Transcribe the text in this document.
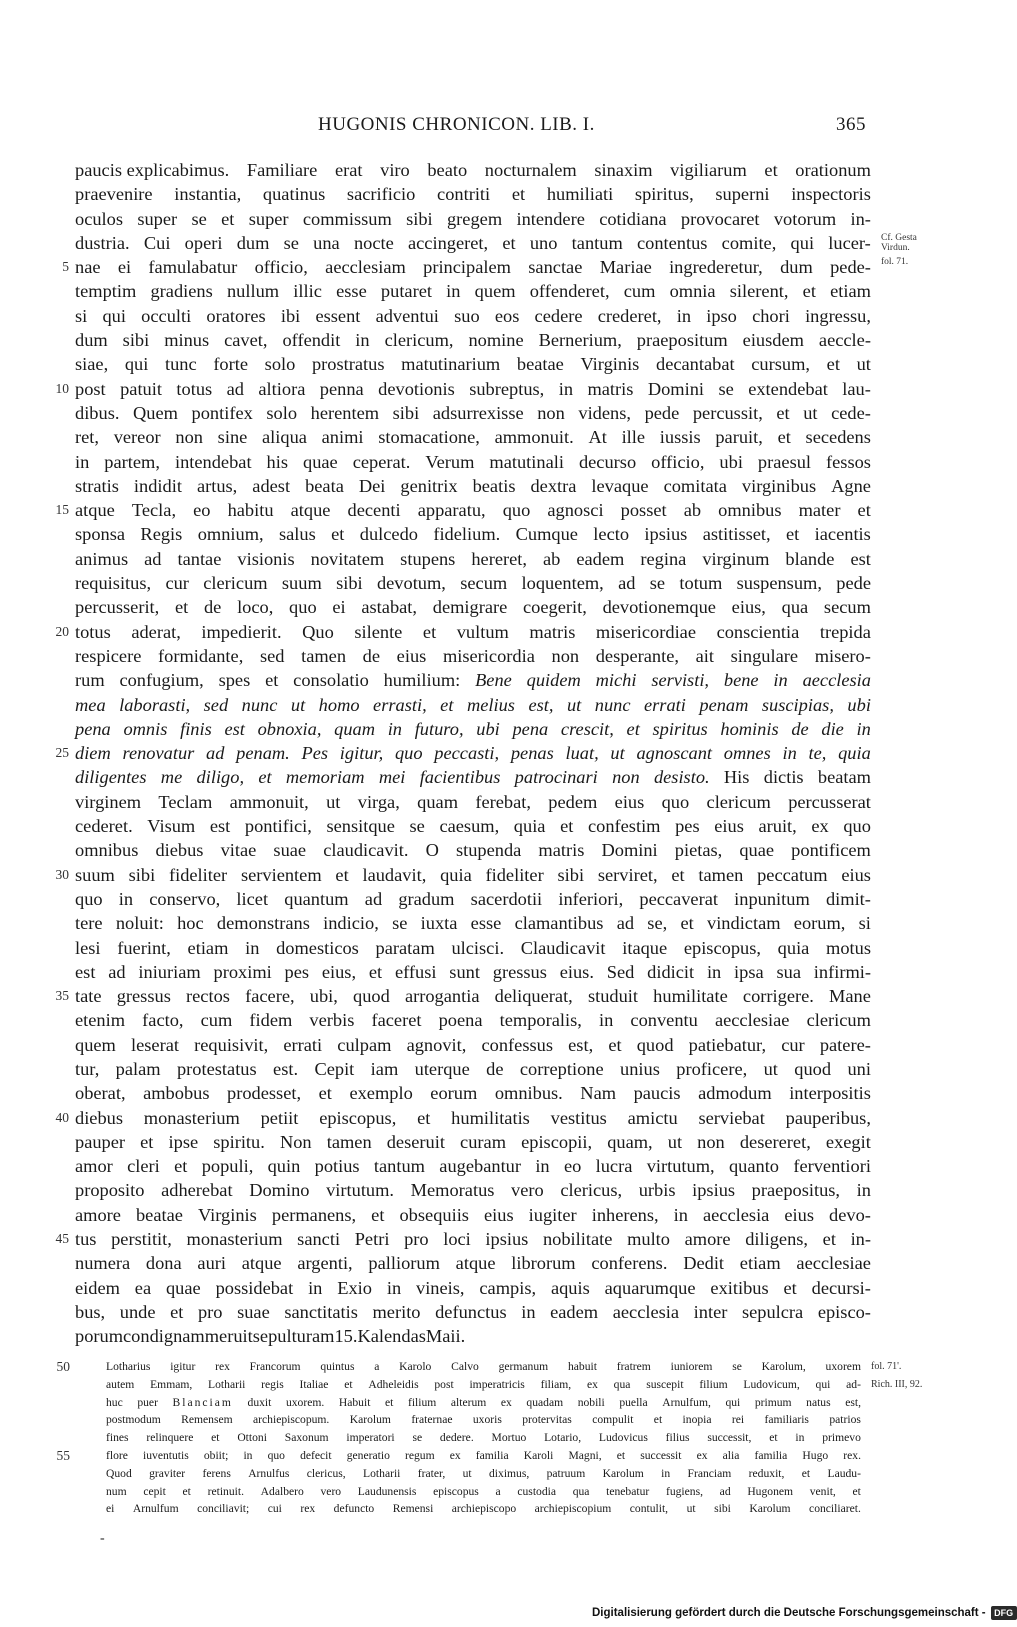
HUGONIS CHRONICON. LIB. I.	365
paucis explicabimus. Familiare erat viro beato nocturnalem sinaxim vigiliarum et orationum
praevenire instantia, quatinus sacrificio contriti et humiliati spiritus, superni inspectoris
oculos super se et super commissum sibi gregem intendere cotidiana provocaret votorum in-
dustria. Cui operi dum se una nocte accingeret, et uno tantum contentus comite, qui lucer-
5 nae ei famulabatur officio, aecclesiam principalem sanctae Mariae ingrederetur, dum pede-
temptim gradiens nullum illic esse putaret in quem offenderet, cum omnia silerent, et etiam
si qui occulti oratores ibi essent adventui suo eos cedere crederet, in ipso chori ingressu,
dum sibi minus cavet, offendit in clericum, nomine Bernerium, praepositum eiusdem aeccle-
siae, qui tunc forte solo prostratus matutinarium beatae Virginis decantabat cursum, et ut
10 post patuit totus ad altiora penna devotionis subreptus, in matris Domini se extendebat lau-
dibus. Quem pontifex solo herentem sibi adsurrexisse non videns, pede percussit, et ut cede-
ret, vereor non sine aliqua animi stomacatione, ammonuit. At ille iussis paruit, et secedens
in partem, intendebat his quae ceperat. Verum matutinali decurso officio, ubi praesul fessos
stratis indidit artus, adest beata Dei genitrix beatis dextra levaque comitata virginibus Agne
15 atque Tecla, eo habitu atque decenti apparatu, quo agnosci posset ab omnibus mater et
sponsa Regis omnium, salus et dulcedo fidelium. Cumque lecto ipsius astitisset, et iacentis
animus ad tantae visionis novitatem stupens hereret, ab eadem regina virginum blande est
requisitus, cur clericum suum sibi devotum, secum loquentem, ad se totum suspensum, pede
percusserit, et de loco, quo ei astabat, demigrare coegerit, devotionemque eius, qua secum
20 totus aderat, impedierit. Quo silente et vultum matris misericordiae conscientia trepida
respicere formidante, sed tamen de eius misericordia non desperante, ait singulare misero-
rum confugium, spes et consolatio humilium: Bene quidem michi servisti, bene in aecclesia
mea laborasti, sed nunc ut homo errasti, et melius est, ut nunc errati penam suscipias, ubi
pena omnis finis est obnoxia, quam in futuro, ubi pena crescit, et spiritus hominis de die in
25 diem renovatur ad penam. Pes igitur, quo peccasti, penas luat, ut agnoscant omnes in te, quia
diligentes me diligo, et memoriam mei facientibus patrocinari non desisto. His dictis beatam
virginem Teclam ammonuit, ut virga, quam ferebat, pedem eius quo clericum percusserat
cederet. Visum est pontifici, sensitque se caesum, quia et confestim pes eius aruit, ex quo
omnibus diebus vitae suae claudicavit. O stupenda matris Domini pietas, quae pontificem
30 suum sibi fideliter servientem et laudavit, quia fideliter sibi serviret, et tamen peccatum eius
quo in conservo, licet quantum ad gradum sacerdotii inferiori, peccaverat inpunitum dimit-
tere noluit: hoc demonstrans indicio, se iuxta esse clamantibus ad se, et vindictam eorum, si
lesi fuerint, etiam in domesticos paratam ulcisci. Claudicavit itaque episcopus, quia motus
est ad iniuriam proximi pes eius, et effusi sunt gressus eius. Sed didicit in ipsa sua infirmi-
35 tate gressus rectos facere, ubi, quod arrogantia deliquerat, studuit humilitate corrigere. Mane
etenim facto, cum fidem verbis faceret poena temporalis, in conventu aecclesiae clericum
quem leserat requisivit, errati culpam agnovit, confessus est, et quod patiebatur, cur patere-
tur, palam protestatus est. Cepit iam uterque de correptione unius proficere, ut quod uni
oberat, ambobus prodesset, et exemplo eorum omnibus. Nam paucis admodum interpositis
40 diebus monasterium petiit episcopus, et humilitatis vestitus amictu serviebat pauperibus,
pauper et ipse spiritu. Non tamen deseruit curam episcopii, quam, ut non desereret, exegit
amor cleri et populi, quin potius tantum augebantur in eo lucra virtutum, quanto ferventiori
proposito adherebat Domino virtutum. Memoratus vero clericus, urbis ipsius praepositus, in
amore beatae Virginis permanens, et obsequiis eius iugiter inherens, in aecclesia eius devo-
45 tus perstitit, monasterium sancti Petri pro loci ipsius nobilitate multo amore diligens, et in-
numera dona auri atque argenti, palliorum atque librorum conferens. Dedit etiam aecclesiae
eidem ea quae possidebat in Exio in vineis, campis, aquis aquarumque exitibus et decursi-
bus, unde et pro suae sanctitatis merito defunctus in eadem aecclesia inter sepulcra episco-
porum condignam meruit sepulturam 15. Kalendas Maii.
Cf. Gesta
Virdun.
fol. 71.
50	Lotharius igitur rex Francorum quintus a Karolo Calvo germanum habuit fratrem iuniorem se Karolum, uxorem
autem Emmam, Lotharii regis Italiae et Adheleidis post imperatricis filiam, ex qua suscepit filium Ludovicum, qui ad-
huc puer Blanciam duxit uxorem. Habuit et filium alterum ex quadam nobili puella Arnulfum, qui primum natus est,
postmodum Remensem archiepiscopum. Karolum fraternae uxoris protervitas compulit et inopia rei familiaris patrios
fines relinquere et Ottoni Saxonum imperatori se dedere. Mortuo Lotario, Ludovicus filius successit, et in primevo
55	flore iuventutis obiit; in quo defecit generatio regum ex familia Karoli Magni, et successit ex alia familia Hugo rex.
Quod graviter ferens Arnulfus clericus, Lotharii frater, ut diximus, patruum Karolum in Franciam reduxit, et Laudu-
num cepit et retinuit. Adalbero vero Laudunensis episcopus a custodia qua tenebatur fugiens, ad Hugonem venit, et
ei Arnulfum conciliavit; cui rex defuncto Remensi archiepiscopo archiepiscopium contulit, ut sibi Karolum conciliaret.
fol. 71'.
Rich. III, 92.
-
Digitalisierung gefördert durch die Deutsche Forschungsgemeinschaft - DFG
